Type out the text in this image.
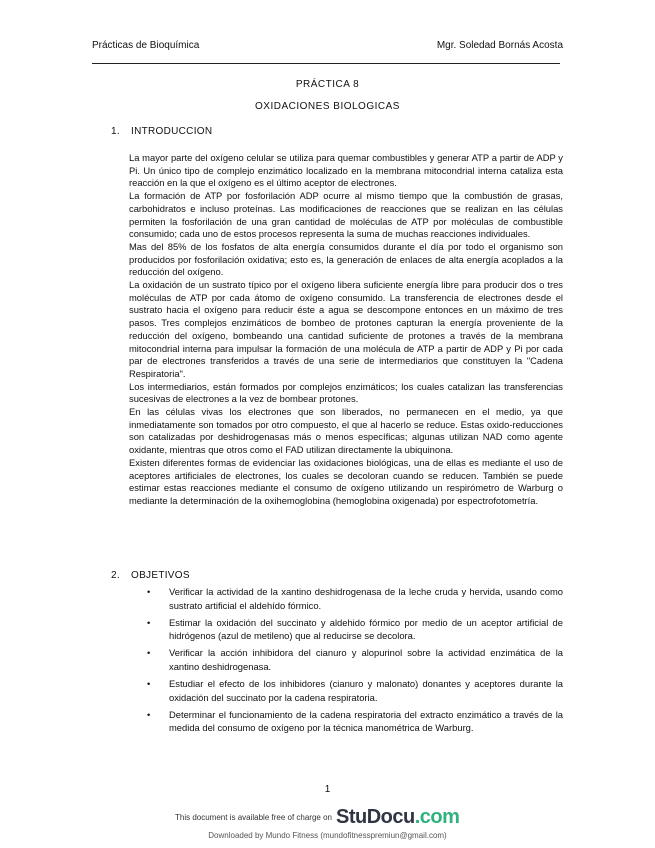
Prácticas de Bioquímica	Mgr. Soledad Bornás Acosta
PRÁCTICA 8
OXIDACIONES BIOLOGICAS
1. INTRODUCCION

La mayor parte del oxígeno celular se utiliza para quemar combustibles y generar ATP a partir de ADP y Pi. Un único tipo de complejo enzimático localizado en la membrana mitocondrial interna cataliza esta reacción en la que el oxígeno es el último aceptor de electrones.

La formación de ATP por fosforilación ADP ocurre al mismo tiempo que la combustión de grasas, carbohidratos e incluso proteínas. Las modificaciones de reacciones que se realizan en las células permiten la fosforilación de una gran cantidad de moléculas de ATP por moléculas de combustible consumido; cada uno de estos procesos representa la suma de muchas reacciones individuales.

Mas del 85% de los fosfatos de alta energía consumidos durante el día por todo el organismo son producidos por fosforilación oxidativa; esto es, la generación de enlaces de alta energía acoplados a la reducción del oxígeno.

La oxidación de un sustrato típico por el oxígeno libera suficiente energía libre para producir dos o tres moléculas de ATP por cada átomo de oxígeno consumido. La transferencia de electrones desde el sustrato hacia el oxígeno para reducir éste a agua se descompone entonces en un máximo de tres pasos. Tres complejos enzimáticos de bombeo de protones capturan la energía proveniente de la reducción del oxígeno, bombeando una cantidad suficiente de protones a través de la membrana mitocondrial interna para impulsar la formación de una molécula de ATP a partir de ADP y Pi por cada par de electrones transferidos a través de una serie de intermediarios que constituyen la "Cadena Respiratoria".

Los intermediarios, están formados por complejos enzimáticos; los cuales catalizan las transferencias sucesivas de electrones a la vez de bombear protones.

En las células vivas los electrones que son liberados, no permanecen en el medio, ya que inmediatamente son tomados por otro compuesto, el que al hacerlo se reduce. Estas oxido-reducciones son catalizadas por deshidrogenasas más o menos específicas; algunas utilizan NAD como agente oxidante, mientras que otros como el FAD utilizan directamente la ubiquinona.

Existen diferentes formas de evidenciar las oxidaciones biológicas, una de ellas es mediante el uso de aceptores artificiales de electrones, los cuales se decoloran cuando se reducen. También se puede estimar estas reacciones mediante el consumo de oxígeno utilizando un respirómetro de Warburg o mediante la determinación de la oxihemoglobina (hemoglobina oxigenada) por espectrofotometría.

2. OBJETIVOS
• Verificar la actividad de la xantino deshidrogenasa de la leche cruda y hervida, usando como sustrato artificial el aldehído fórmico.
• Estimar la oxidación del succinato y aldehido fórmico por medio de un aceptor artificial de hidrógenos (azul de metileno) que al reducirse se decolora.
• Verificar la acción inhibidora del cianuro y alopurinol sobre la actividad enzimática de la xantino deshidrogenasa.
• Estudiar el efecto de los inhibidores (cianuro y malonato) donantes y aceptores durante la oxidación del succinato por la cadena respiratoria.
• Determinar el funcionamiento de la cadena respiratoria del extracto enzimático a través de la medida del consumo de oxígeno por la técnica manométrica de Warburg.
1
This document is available free of charge on StuDocu.com
Downloaded by Mundo Fitness (mundofitnesspremiun@gmail.com)
